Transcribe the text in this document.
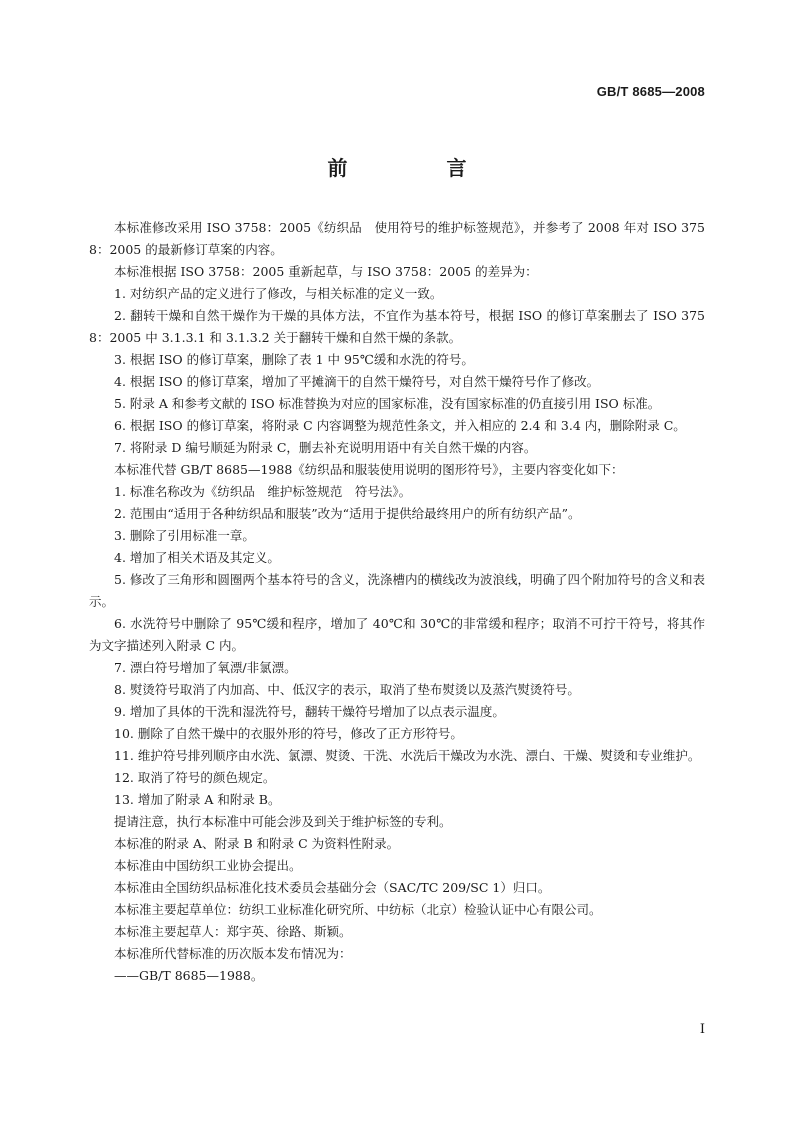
GB/T 8685—2008
前 言

本标准修改采用 ISO 3758：2005《纺织品　使用符号的维护标签规范》，并参考了 2008 年对 ISO 3758：2005 的最新修订草案的内容。

本标准根据 ISO 3758：2005 重新起草，与 ISO 3758：2005 的差异为：

1. 对纺织产品的定义进行了修改，与相关标准的定义一致。

2. 翻转干燥和自然干燥作为干燥的具体方法，不宜作为基本符号，根据 ISO 的修订草案删去了 ISO 3758：2005 中 3.1.3.1 和 3.1.3.2 关于翻转干燥和自然干燥的条款。

3. 根据 ISO 的修订草案，删除了表 1 中 95℃缓和水洗的符号。

4. 根据 ISO 的修订草案，增加了平摊滴干的自然干燥符号，对自然干燥符号作了修改。

5. 附录 A 和参考文献的 ISO 标准替换为对应的国家标准，没有国家标准的仍直接引用 ISO 标准。

6. 根据 ISO 的修订草案，将附录 C 内容调整为规范性条文，并入相应的 2.4 和 3.4 内，删除附录 C。

7. 将附录 D 编号顺延为附录 C，删去补充说明用语中有关自然干燥的内容。

本标准代替 GB/T 8685—1988《纺织品和服装使用说明的图形符号》，主要内容变化如下：

1. 标准名称改为《纺织品　维护标签规范　符号法》。

2. 范围由“适用于各种纺织品和服装”改为“适用于提供给最终用户的所有纺织产品”。

3. 删除了引用标准一章。

4. 增加了相关术语及其定义。

5. 修改了三角形和圆圈两个基本符号的含义，洗涤槽内的横线改为波浪线，明确了四个附加符号的含义和表示。

6. 水洗符号中删除了 95℃缓和程序，增加了 40℃和 30℃的非常缓和程序；取消不可拧干符号，将其作为文字描述列入附录 C 内。

7. 漂白符号增加了氧漂/非氯漂。

8. 熨烫符号取消了内加高、中、低汉字的表示，取消了垫布熨烫以及蒸汽熨烫符号。

9. 增加了具体的干洗和湿洗符号，翻转干燥符号增加了以点表示温度。

10. 删除了自然干燥中的衣服外形的符号，修改了正方形符号。

11. 维护符号排列顺序由水洗、氯漂、熨烫、干洗、水洗后干燥改为水洗、漂白、干燥、熨烫和专业维护。

12. 取消了符号的颜色规定。

13. 增加了附录 A 和附录 B。

提请注意，执行本标准中可能会涉及到关于维护标签的专利。

本标准的附录 A、附录 B 和附录 C 为资料性附录。

本标准由中国纺织工业协会提出。

本标准由全国纺织品标准化技术委员会基础分会（SAC/TC 209/SC 1）归口。

本标准主要起草单位：纺织工业标准化研究所、中纺标（北京）检验认证中心有限公司。

本标准主要起草人：郑宇英、徐路、斯颖。

本标准所代替标准的历次版本发布情况为：

——GB/T 8685—1988。

I
